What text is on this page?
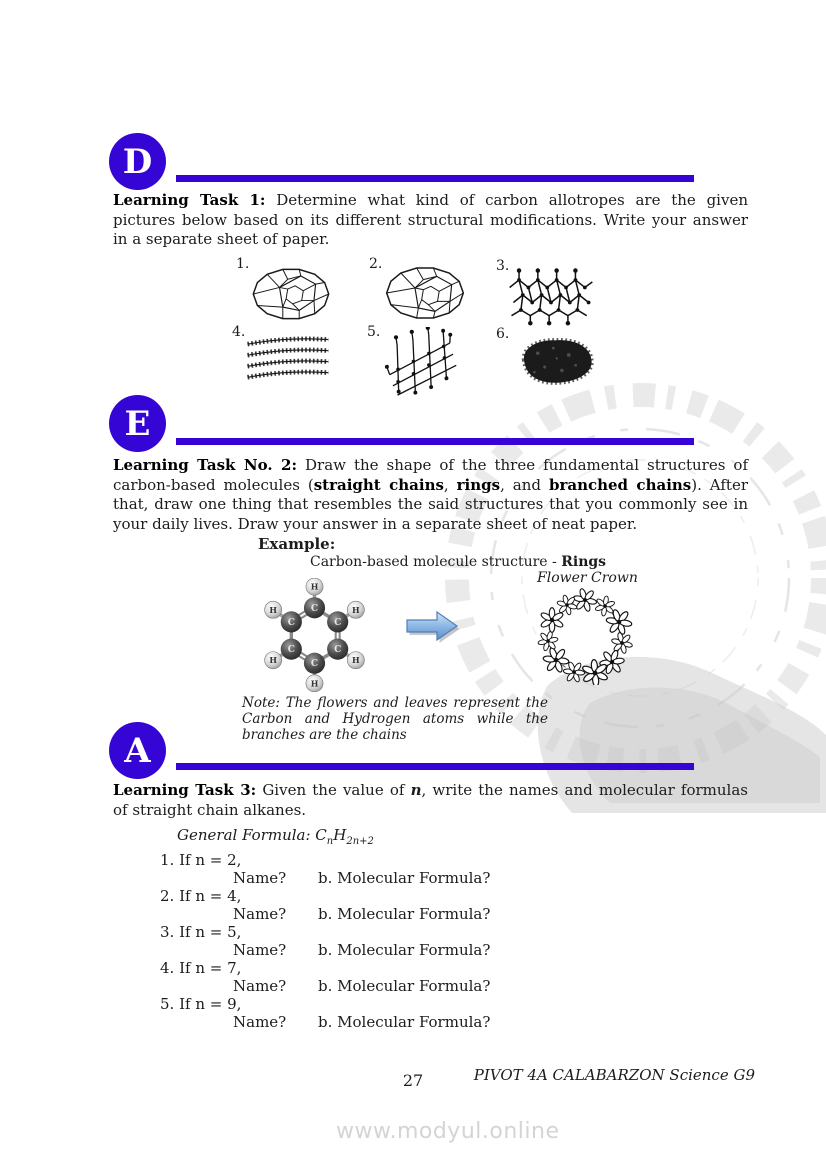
D
Learning Task 1: Determine what kind of carbon allotropes are the given pictures below based on its different structural modifications. Write your answer in a separate sheet of paper.
1.	2.	3.
4.	5.	6.
E
Learning Task No. 2: Draw the shape of the three fundamental structures of carbon-based molecules (straight chains, rings, and branched chains). After that, draw one thing that resembles the said structures that you commonly see in your daily lives. Draw your answer in a separate sheet of neat paper.
Example:
Carbon-based molecule structure - Rings
Flower Crown
C
C
C
C
C
C
H
H
H
H
H
H
Note: The flowers and leaves represent the Carbon and Hydrogen atoms while the branches are the chains
A
Learning Task 3: Given the value of n, write the names and molecular formulas of straight chain alkanes.
General Formula: $C_nH_{2n+2}$
1. If n = 2,
Name? b. Molecular Formula?
2. If n = 4,
Name? b. Molecular Formula?
3. If n = 5,
Name? b. Molecular Formula?
4. If n = 7,
Name? b. Molecular Formula?
5. If n = 9,
Name? b. Molecular Formula?
27	PIVOT 4A CALABARZON Science G9
www.modyul.online
